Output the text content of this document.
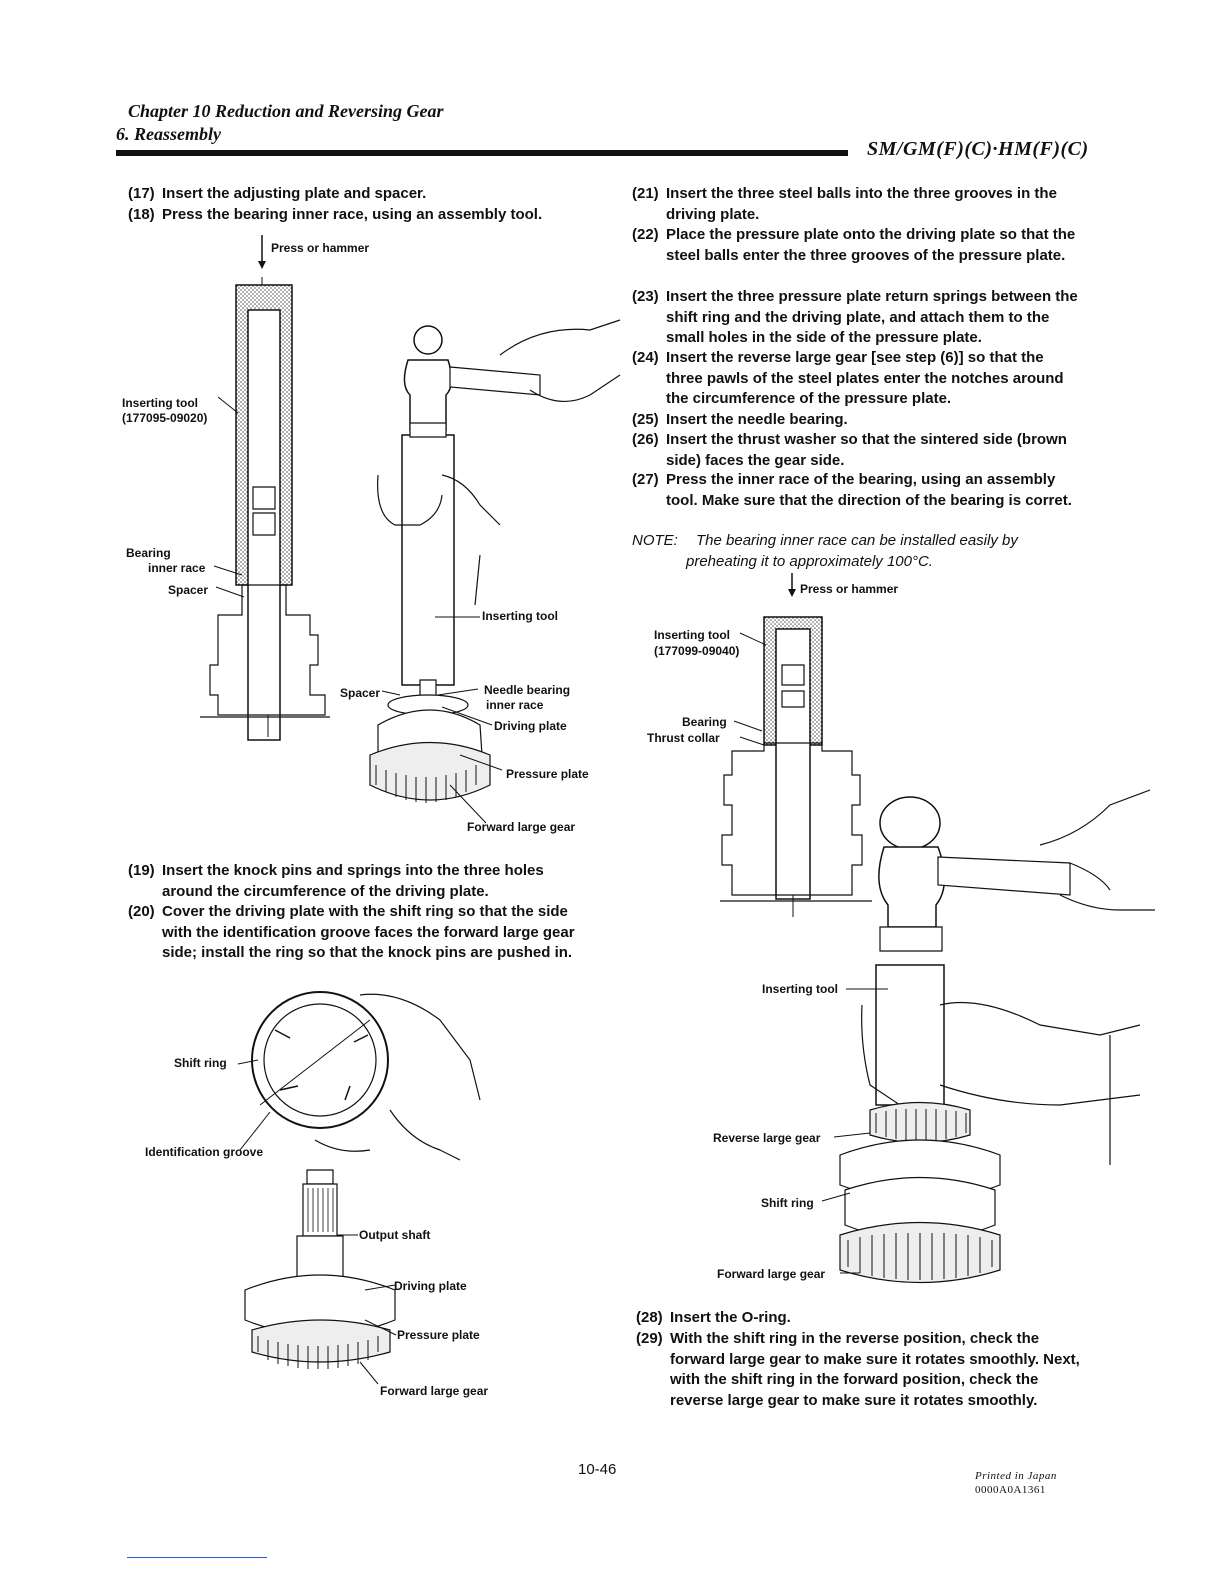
Chapter 10 Reduction and Reversing Gear
6. Reassembly
SM/GM(F)(C)·HM(F)(C)
(17) Insert the adjusting plate and spacer.
(18) Press the bearing inner race, using an assembly tool.
Press or hammer
Inserting tool
(177095-09020)
Bearing
inner race
Spacer
Inserting tool
Spacer	Needle bearing
inner race
Driving plate
Pressure plate
Forward large gear
(19) Insert the knock pins and springs into the three holes around the circumference of the driving plate.
(20) Cover the driving plate with the shift ring so that the side with the identification groove faces the forward large gear side; install the ring so that the knock pins are pushed in.
Shift ring
Identification groove
Output shaft
Driving plate
Pressure plate
Forward large gear
(21) Insert the three steel balls into the three grooves in the driving plate.
(22) Place the pressure plate onto the driving plate so that the steel balls enter the three grooves of the pressure plate.
(23) Insert the three pressure plate return springs between the shift ring and the driving plate, and attach them to the small holes in the side of the pressure plate.
(24) Insert the reverse large gear [see step (6)] so that the three pawls of the steel plates enter the notches around the circumference of the pressure plate.
(25) Insert the needle bearing.
(26) Insert the thrust washer so that the sintered side (brown side) faces the gear side.
(27) Press the inner race of the bearing, using an assembly tool. Make sure that the direction of the bearing is corret.
NOTE: The bearing inner race can be installed easily by
preheating it to approximately 100°C.
Press or hammer
Inserting tool
(177099-09040)
Bearing
Thrust collar
Inserting tool
Reverse large gear
Shift ring
Forward large gear
(28) Insert the O-ring.
(29) With the shift ring in the reverse position, check the forward large gear to make sure it rotates smoothly. Next, with the shift ring in the forward position, check the reverse large gear to make sure it rotates smoothly.
10-46	Printed in Japan
0000A0A1361
